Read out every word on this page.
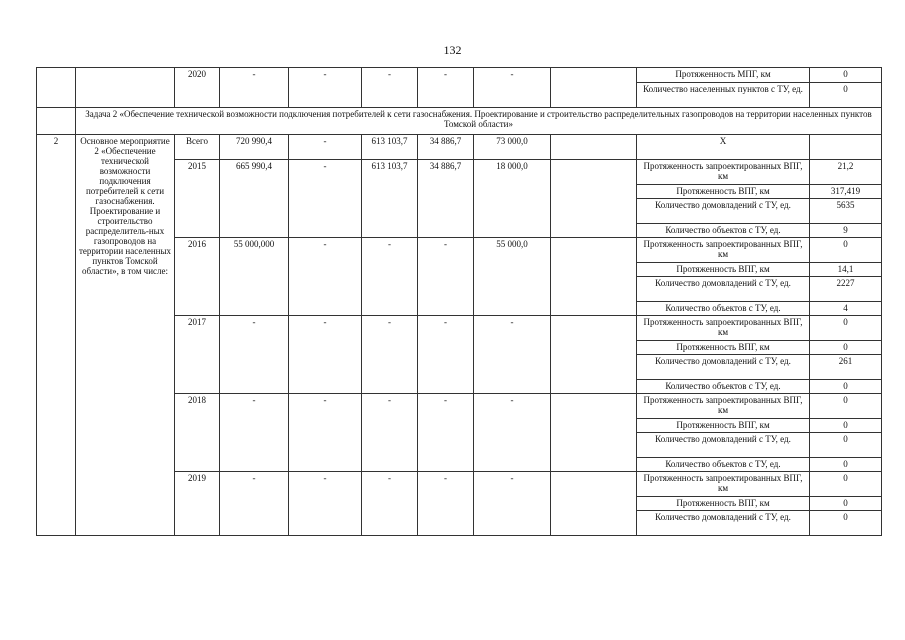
132
		2020	-	-	-	-	-		Протяженность МПГ, км	0
									Количество населенных пунктов с ТУ, ед.	0
	Задача 2 «Обеспечение технической возможности подключения потребителей к сети газоснабжения. Проектирование и строительство распределительных газопроводов на территории населенных пунктов Томской области»									
2	Основное мероприятие 2 «Обеспечение технической возможности подключения потребителей к сети газоснабжения. Проектирование и строительство распределитель-ных газопроводов на территории населенных пунктов Томской области», в том числе:	Всего	720 990,4	-	613 103,7	34 886,7	73 000,0		Х	
		2015	665 990,4	-	613 103,7	34 886,7	18 000,0		Протяженность запроектированных ВПГ, км	21,2
									Протяженность ВПГ, км	317,419
									Количество домовладений с ТУ, ед.	5635
									Количество объектов с ТУ, ед.	9
		2016	55 000,000	-	-	-	55 000,0		Протяженность запроектированных ВПГ, км	0
									Протяженность ВПГ, км	14,1
									Количество домовладений с ТУ, ед.	2227
									Количество объектов с ТУ, ед.	4
		2017	-	-	-	-	-		Протяженность запроектированных ВПГ, км	0
									Протяженность ВПГ, км	0
									Количество домовладений с ТУ, ед.	261
									Количество объектов с ТУ, ед.	0
		2018	-	-	-	-	-		Протяженность запроектированных ВПГ, км	0
									Протяженность ВПГ, км	0
									Количество домовладений с ТУ, ед.	0
									Количество объектов с ТУ, ед.	0
		2019	-	-	-	-	-		Протяженность запроектированных ВПГ, км	0
									Протяженность ВПГ, км	0
									Количество домовладений с ТУ, ед.	0
